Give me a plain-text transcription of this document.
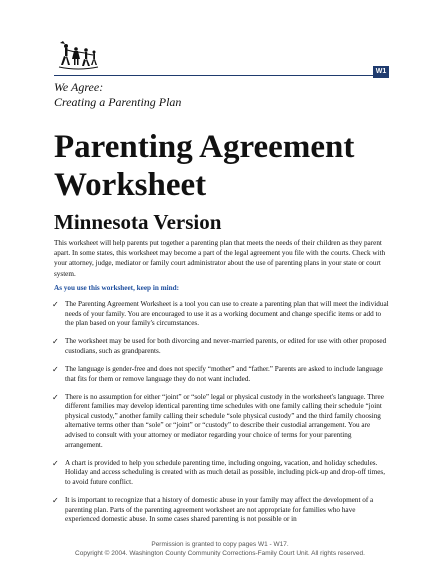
W1
We Agree:
Creating a Parenting Plan
Parenting Agreement
Worksheet
Minnesota Version

This worksheet will help parents put together a parenting plan that meets the needs of their children as they parent apart. In some states, this worksheet may become a part of the legal agreement you file with the courts. Check with your attorney, judge, mediator or family court administrator about the use of parenting plans in your state or court system.

As you use this worksheet, keep in mind:
✓ The Parenting Agreement Worksheet is a tool you can use to create a parenting plan that will meet the individual needs of your family. You are encouraged to use it as a working document and change specific items or add to the plan based on your family's circumstances.
✓ The worksheet may be used for both divorcing and never-married parents, or edited for use with other proposed custodians, such as grandparents.
✓ The language is gender-free and does not specify “mother” and “father.” Parents are asked to include language that fits for them or remove language they do not want included.
✓ There is no assumption for either “joint” or “sole” legal or physical custody in the worksheet's language. Three different families may develop identical parenting time schedules with one family calling their schedule “joint physical custody,” another family calling their schedule “sole physical custody” and the third family choosing alternative terms other than “sole” or “joint” or “custody” to describe their custodial arrangement. You are advised to consult with your attorney or mediator regarding your choice of terms for your parenting arrangement.
✓ A chart is provided to help you schedule parenting time, including ongoing, vacation, and holiday schedules. Holiday and access scheduling is created with as much detail as possible, including pick-up and drop-off times, to avoid future conflict.
✓ It is important to recognize that a history of domestic abuse in your family may affect the development of a parenting plan. Parts of the parenting agreement worksheet are not appropriate for families who have experienced domestic abuse. In some cases shared parenting is not possible or in
Permission is granted to copy pages W1 - W17.
Copyright © 2004. Washington County Community Corrections-Family Court Unit. All rights reserved.
